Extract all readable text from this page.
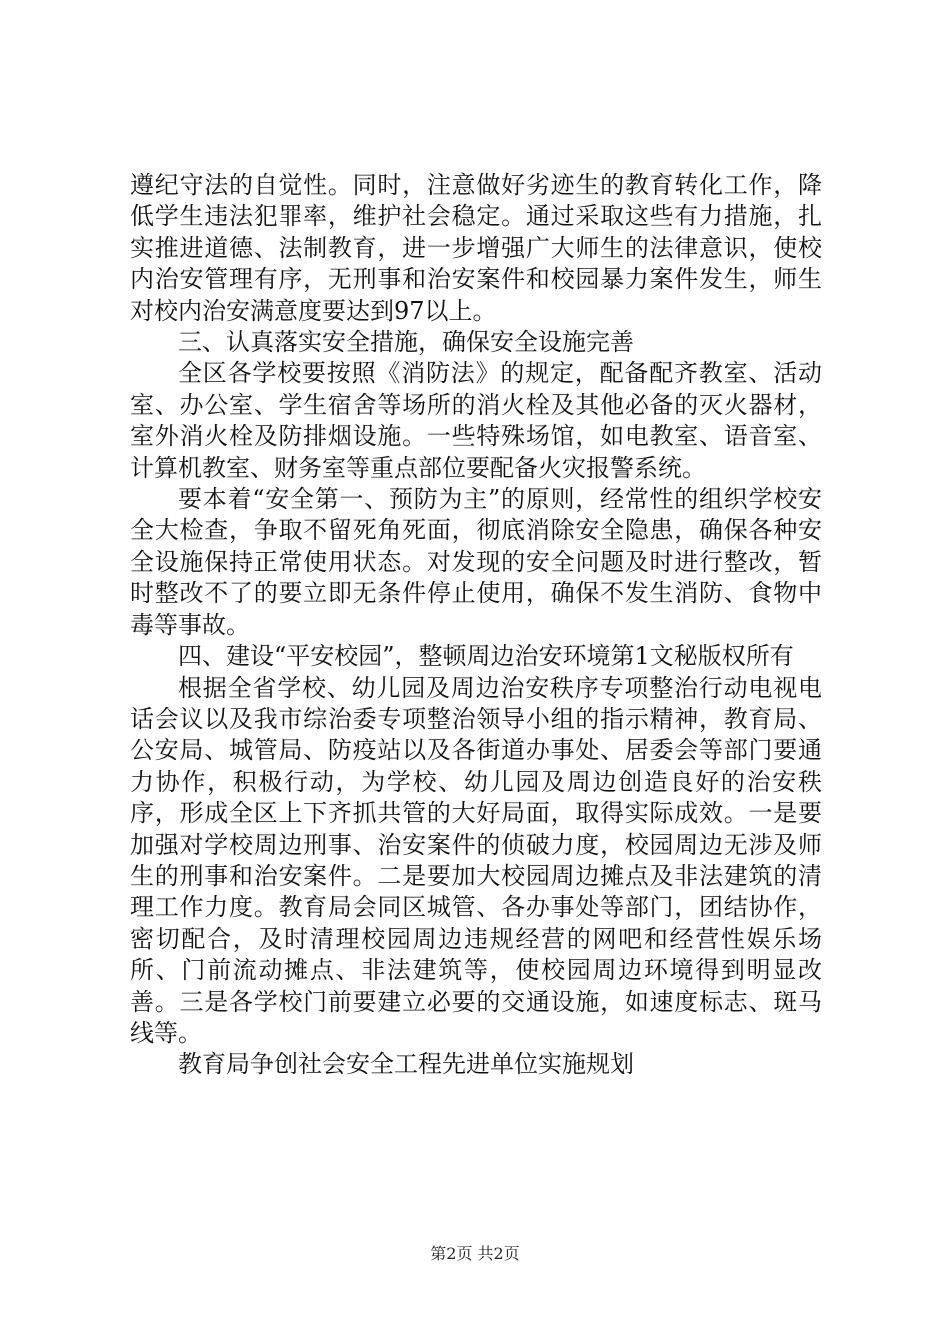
遵纪守法的自觉性。同时，注意做好劣迹生的教育转化工作，降低学生违法犯罪率，维护社会稳定。通过采取这些有力措施，扎实推进道德、法制教育，进一步增强广大师生的法律意识，使校内治安管理有序，无刑事和治安案件和校园暴力案件发生，师生对校内治安满意度要达到97以上。

三、认真落实安全措施，确保安全设施完善

全区各学校要按照《消防法》的规定，配备配齐教室、活动室、办公室、学生宿舍等场所的消火栓及其他必备的灭火器材，室外消火栓及防排烟设施。一些特殊场馆，如电教室、语音室、计算机教室、财务室等重点部位要配备火灾报警系统。

要本着“安全第一、预防为主”的原则，经常性的组织学校安全大检查，争取不留死角死面，彻底消除安全隐患，确保各种安全设施保持正常使用状态。对发现的安全问题及时进行整改，暂时整改不了的要立即无条件停止使用，确保不发生消防、食物中毒等事故。

四、建设“平安校园”，整顿周边治安环境第1文秘版权所有

根据全省学校、幼儿园及周边治安秩序专项整治行动电视电话会议以及我市综治委专项整治领导小组的指示精神，教育局、公安局、城管局、防疫站以及各街道办事处、居委会等部门要通力协作，积极行动，为学校、幼儿园及周边创造良好的治安秩序，形成全区上下齐抓共管的大好局面，取得实际成效。一是要加强对学校周边刑事、治安案件的侦破力度，校园周边无涉及师生的刑事和治安案件。二是要加大校园周边摊点及非法建筑的清理工作力度。教育局会同区城管、各办事处等部门，团结协作，密切配合，及时清理校园周边违规经营的网吧和经营性娱乐场所、门前流动摊点、非法建筑等，使校园周边环境得到明显改善。三是各学校门前要建立必要的交通设施，如速度标志、斑马线等。

教育局争创社会安全工程先进单位实施规划

第2页 共2页
